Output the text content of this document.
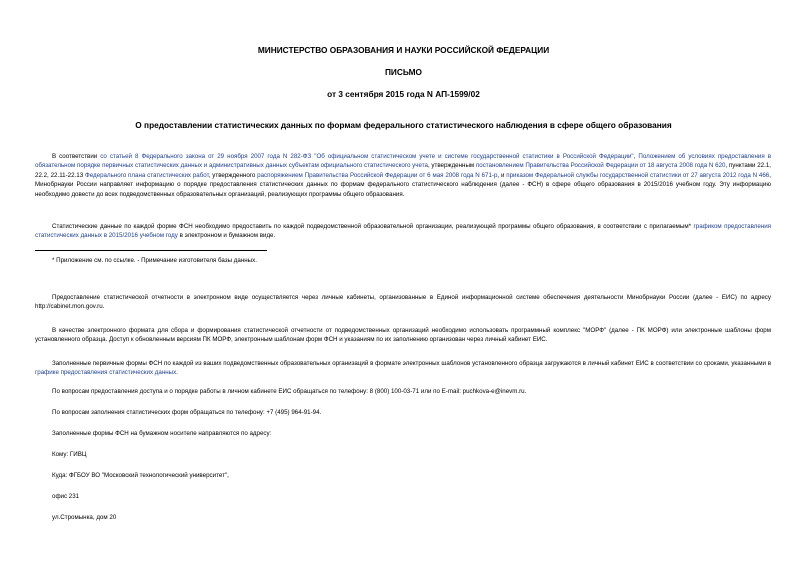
МИНИСТЕРСТВО ОБРАЗОВАНИЯ И НАУКИ РОССИЙСКОЙ ФЕДЕРАЦИИ
ПИСЬМО
от 3 сентября 2015 года N АП-1599/02
О предоставлении статистических данных по формам федерального статистического наблюдения в сфере общего образования
В соответствии со статьей 8 Федерального закона от 29 ноября 2007 года N 282-ФЗ "Об официальном статистическом учете и системе государственной статистики в Российской Федерации", Положением об условиях предоставления в обязательном порядке первичных статистических данных и административных данных субъектам официального статистического учета, утвержденным постановлением Правительства Российской Федерации от 18 августа 2008 года N 620, пунктами 22.1, 22.2, 22.11-22.13 Федерального плана статистических работ, утвержденного распоряжением Правительства Российской Федерации от 6 мая 2008 года N 671-р, и приказом Федеральной службы государственной статистики от 27 августа 2012 года N 466, Минобрнауки России направляет информацию о порядке предоставления статистических данных по формам федерального статистического наблюдения (далее - ФСН) в сфере общего образования в 2015/2016 учебном году. Эту информацию необходимо довести до всех подведомственных образовательных организаций, реализующих программы общего образования.
Статистические данные по каждой форме ФСН необходимо предоставить по каждой подведомственной образовательной организации, реализующей программы общего образования, в соответствии с прилагаемым* графиком предоставления статистических данных в 2015/2016 учебном году в электронном и бумажном виде.
* Приложение см. по ссылке. - Примечание изготовителя базы данных.
Предоставление статистической отчетности в электронном виде осуществляется через личные кабинеты, организованные в Единой информационной системе обеспечения деятельности Минобрнауки России (далее - ЕИС) по адресу http://cabinet.mon.gov.ru.
В качестве электронного формата для сбора и формирования статистической отчетности от подведомственных организаций необходимо использовать программный комплекс "МОРФ" (далее - ПК МОРФ) или электронные шаблоны форм установленного образца. Доступ к обновленным версиям ПК МОРФ, электронным шаблонам форм ФСН и указаниям по их заполнению организован через личный кабинет ЕИС.
Заполненные первичные формы ФСН по каждой из ваших подведомственных образовательных организаций в формате электронных шаблонов установленного образца загружаются в личный кабинет ЕИС в соответствии со сроками, указанными в графике предоставления статистических данных.
По вопросам предоставления доступа и о порядке работы в личном кабинете ЕИС обращаться по телефону: 8 (800) 100-03-71 или по E-mail: puchkova-e@inevm.ru.
По вопросам заполнения статистических форм обращаться по телефону: +7 (495) 964-91-94.
Заполненные формы ФСН на бумажном носителе направляются по адресу:
Кому: ГИВЦ
Куда: ФГБОУ ВО "Московский технологический университет",
офис 231
ул.Стромынка, дом 20
